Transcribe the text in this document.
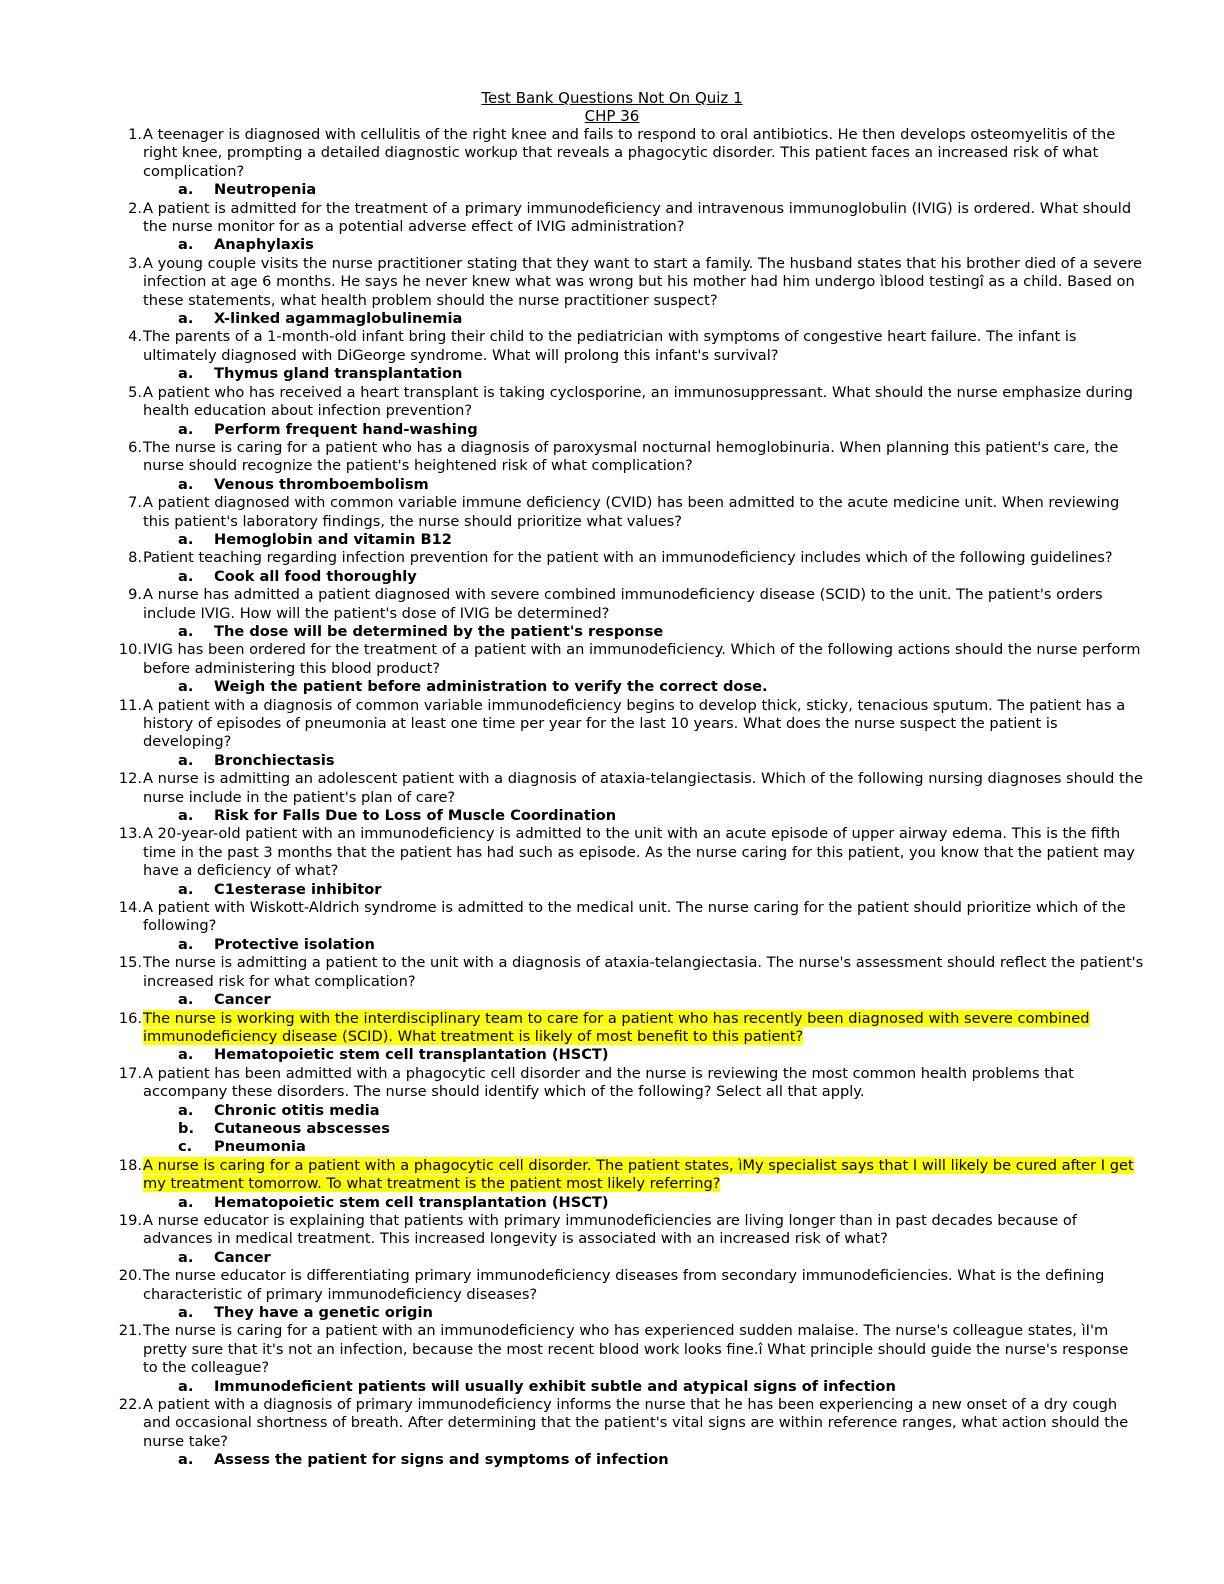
Test Bank Questions Not On Quiz 1
CHP 36
1. A teenager is diagnosed with cellulitis of the right knee and fails to respond to oral antibiotics. He then develops osteomyelitis of the right knee, prompting a detailed diagnostic workup that reveals a phagocytic disorder. This patient faces an increased risk of what complication?
a. Neutropenia
2. A patient is admitted for the treatment of a primary immunodeficiency and intravenous immunoglobulin (IVIG) is ordered. What should the nurse monitor for as a potential adverse effect of IVIG administration?
a. Anaphylaxis
3. A young couple visits the nurse practitioner stating that they want to start a family. The husband states that his brother died of a severe infection at age 6 months. He says he never knew what was wrong but his mother had him undergo ìblood testingî as a child. Based on these statements, what health problem should the nurse practitioner suspect?
a. X-linked agammaglobulinemia
4. The parents of a 1-month-old infant bring their child to the pediatrician with symptoms of congestive heart failure. The infant is ultimately diagnosed with DiGeorge syndrome. What will prolong this infant's survival?
a. Thymus gland transplantation
5. A patient who has received a heart transplant is taking cyclosporine, an immunosuppressant. What should the nurse emphasize during health education about infection prevention?
a. Perform frequent hand-washing
6. The nurse is caring for a patient who has a diagnosis of paroxysmal nocturnal hemoglobinuria. When planning this patient's care, the nurse should recognize the patient's heightened risk of what complication?
a. Venous thromboembolism
7. A patient diagnosed with common variable immune deficiency (CVID) has been admitted to the acute medicine unit. When reviewing this patient's laboratory findings, the nurse should prioritize what values?
a. Hemoglobin and vitamin B12
8. Patient teaching regarding infection prevention for the patient with an immunodeficiency includes which of the following guidelines?
a. Cook all food thoroughly
9. A nurse has admitted a patient diagnosed with severe combined immunodeficiency disease (SCID) to the unit. The patient's orders include IVIG. How will the patient's dose of IVIG be determined?
a. The dose will be determined by the patient's response
10. IVIG has been ordered for the treatment of a patient with an immunodeficiency. Which of the following actions should the nurse perform before administering this blood product?
a. Weigh the patient before administration to verify the correct dose.
11. A patient with a diagnosis of common variable immunodeficiency begins to develop thick, sticky, tenacious sputum. The patient has a history of episodes of pneumonia at least one time per year for the last 10 years. What does the nurse suspect the patient is developing?
a. Bronchiectasis
12. A nurse is admitting an adolescent patient with a diagnosis of ataxia-telangiectasis. Which of the following nursing diagnoses should the nurse include in the patient's plan of care?
a. Risk for Falls Due to Loss of Muscle Coordination
13. A 20-year-old patient with an immunodeficiency is admitted to the unit with an acute episode of upper airway edema. This is the fifth time in the past 3 months that the patient has had such as episode. As the nurse caring for this patient, you know that the patient may have a deficiency of what?
a. C1esterase inhibitor
14. A patient with Wiskott-Aldrich syndrome is admitted to the medical unit. The nurse caring for the patient should prioritize which of the following?
a. Protective isolation
15. The nurse is admitting a patient to the unit with a diagnosis of ataxia-telangiectasia. The nurse's assessment should reflect the patient's increased risk for what complication?
a. Cancer
16. The nurse is working with the interdisciplinary team to care for a patient who has recently been diagnosed with severe combined immunodeficiency disease (SCID). What treatment is likely of most benefit to this patient?
a. Hematopoietic stem cell transplantation (HSCT)
17. A patient has been admitted with a phagocytic cell disorder and the nurse is reviewing the most common health problems that accompany these disorders. The nurse should identify which of the following? Select all that apply.
a. Chronic otitis media
b. Cutaneous abscesses
c. Pneumonia
18. A nurse is caring for a patient with a phagocytic cell disorder. The patient states, ìMy specialist says that I will likely be cured after I get my treatment tomorrow. To what treatment is the patient most likely referring?
a. Hematopoietic stem cell transplantation (HSCT)
19. A nurse educator is explaining that patients with primary immunodeficiencies are living longer than in past decades because of advances in medical treatment. This increased longevity is associated with an increased risk of what?
a. Cancer
20. The nurse educator is differentiating primary immunodeficiency diseases from secondary immunodeficiencies. What is the defining characteristic of primary immunodeficiency diseases?
a. They have a genetic origin
21. The nurse is caring for a patient with an immunodeficiency who has experienced sudden malaise. The nurse's colleague states, ìI'm pretty sure that it's not an infection, because the most recent blood work looks fine.î What principle should guide the nurse's response to the colleague?
a. Immunodeficient patients will usually exhibit subtle and atypical signs of infection
22. A patient with a diagnosis of primary immunodeficiency informs the nurse that he has been experiencing a new onset of a dry cough and occasional shortness of breath. After determining that the patient's vital signs are within reference ranges, what action should the nurse take?
a. Assess the patient for signs and symptoms of infection
